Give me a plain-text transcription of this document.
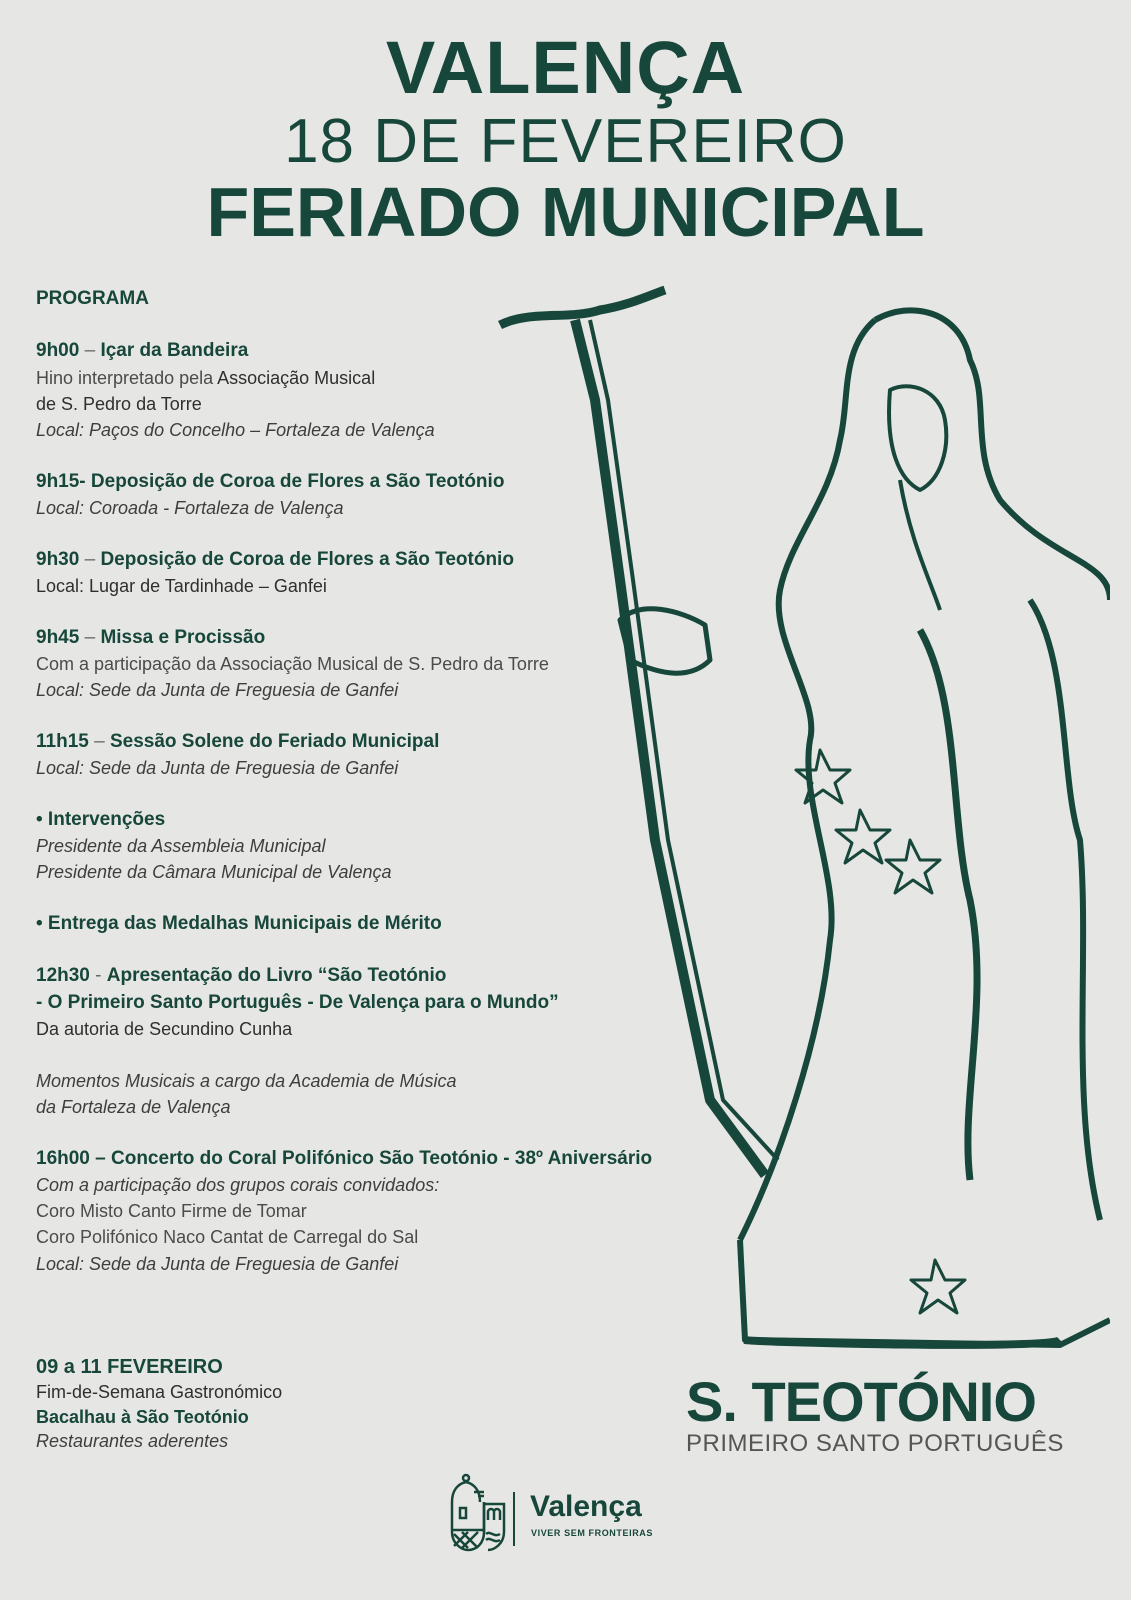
VALENÇA
18 DE FEVEREIRO
FERIADO MUNICIPAL
PROGRAMA
9h00 – Içar da Bandeira
Hino interpretado pela Associação Musical
de S. Pedro da Torre
Local: Paços do Concelho – Fortaleza de Valença
9h15- Deposição de Coroa de Flores a São Teotónio
Local: Coroada - Fortaleza de Valença
9h30 – Deposição de Coroa de Flores a São Teotónio
Local: Lugar de Tardinhade – Ganfei
9h45 – Missa e Procissão
Com a participação da Associação Musical de S. Pedro da Torre
Local: Sede da Junta de Freguesia de Ganfei
11h15 – Sessão Solene do Feriado Municipal
Local: Sede da Junta de Freguesia de Ganfei
• Intervenções
Presidente da Assembleia Municipal
Presidente da Câmara Municipal de Valença
• Entrega das Medalhas Municipais de Mérito
12h30 - Apresentação do Livro “São Teotónio
- O Primeiro Santo Português - De Valença para o Mundo”
Da autoria de Secundino Cunha
Momentos Musicais a cargo da Academia de Música
da Fortaleza de Valença
16h00 – Concerto do Coral Polifónico São Teotónio - 38º Aniversário
Com a participação dos grupos corais convidados:
Coro Misto Canto Firme de Tomar
Coro Polifónico Naco Cantat de Carregal do Sal
Local: Sede da Junta de Freguesia de Ganfei
09 a 11 FEVEREIRO
Fim-de-Semana Gastronómico
Bacalhau à São Teotónio
Restaurantes aderentes
S. TEOTÓNIO
PRIMEIRO SANTO PORTUGUÊS
Valença
VIVER SEM FRONTEIRAS
